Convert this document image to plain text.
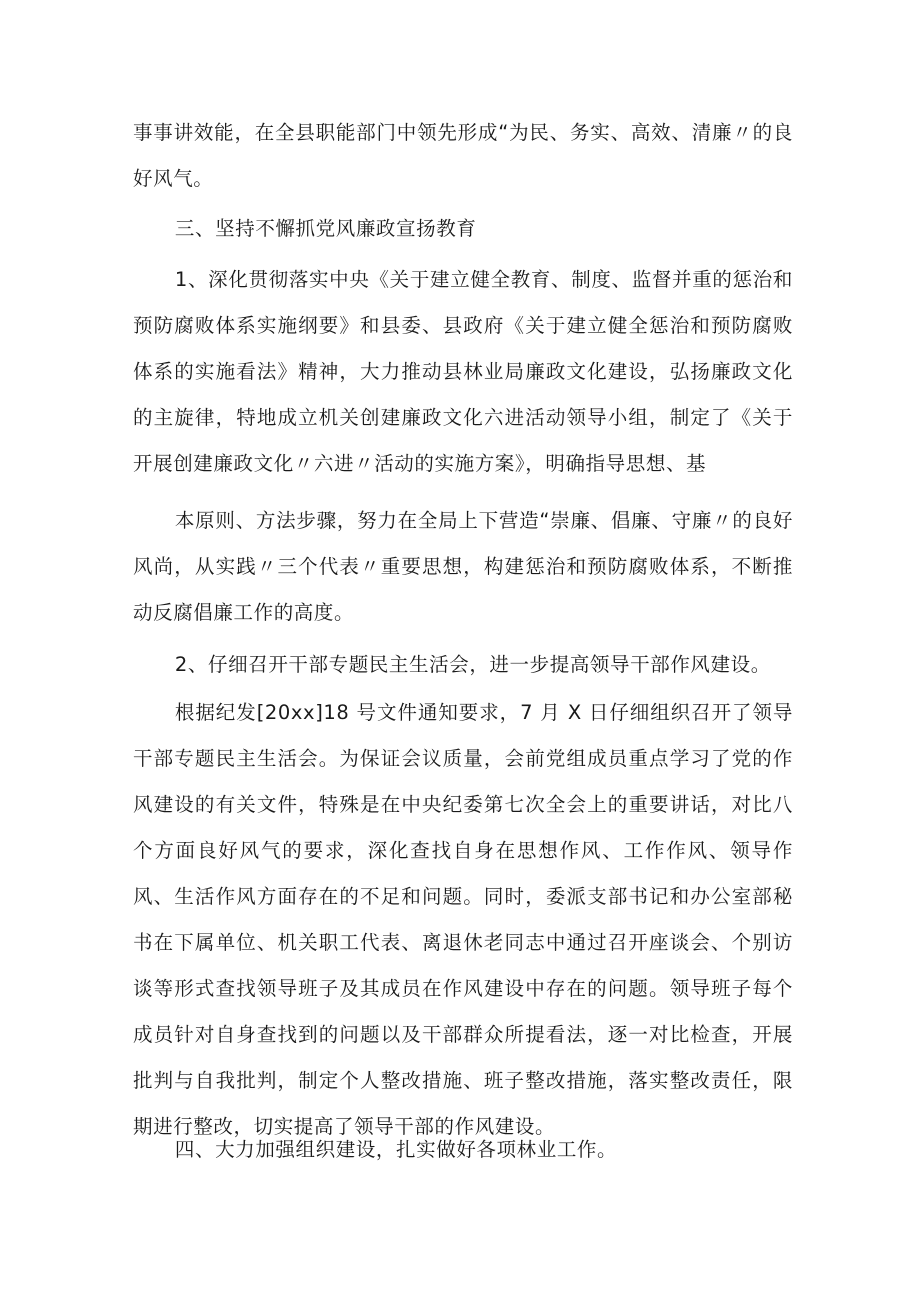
事事讲效能，在全县职能部门中领先形成“为民、务实、高效、清廉〃的良好风气。

三、坚持不懈抓党风廉政宣扬教育

1、深化贯彻落实中央《关于建立健全教育、制度、监督并重的惩治和预防腐败体系实施纲要》和县委、县政府《关于建立健全惩治和预防腐败体系的实施看法》精神，大力推动县林业局廉政文化建设，弘扬廉政文化的主旋律，特地成立机关创建廉政文化六进活动领导小组，制定了《关于开展创建廉政文化〃六进〃活动的实施方案》，明确指导思想、基

本原则、方法步骤，努力在全局上下营造“崇廉、倡廉、守廉〃的良好风尚，从实践〃三个代表〃重要思想，构建惩治和预防腐败体系，不断推动反腐倡廉工作的高度。

2、仔细召开干部专题民主生活会，进一步提高领导干部作风建设。

根据纪发[20xx]18 号文件通知要求，7 月 X 日仔细组织召开了领导干部专题民主生活会。为保证会议质量，会前党组成员重点学习了党的作风建设的有关文件，特殊是在中央纪委第七次全会上的重要讲话，对比八个方面良好风气的要求，深化查找自身在思想作风、工作作风、领导作风、生活作风方面存在的不足和问题。同时，委派支部书记和办公室部秘书在下属单位、机关职工代表、离退休老同志中通过召开座谈会、个别访谈等形式查找领导班子及其成员在作风建设中存在的问题。领导班子每个成员针对自身查找到的问题以及干部群众所提看法，逐一对比检查，开展批判与自我批判，制定个人整改措施、班子整改措施，落实整改责任，限期进行整改，切实提高了领导干部的作风建设。

四、大力加强组织建设，扎实做好各项林业工作。
